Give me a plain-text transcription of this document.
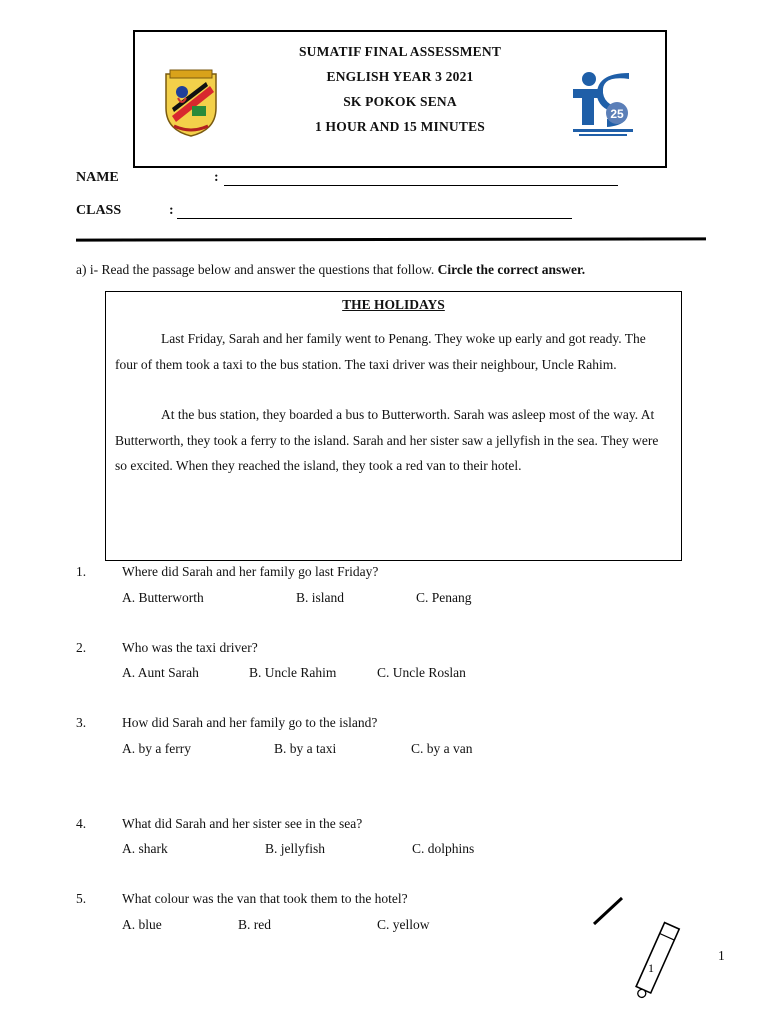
SUMATIF FINAL ASSESSMENT
ENGLISH YEAR 3 2021
SK POKOK SENA
1 HOUR AND 15 MINUTES
25
NAME	:
CLASS	:
a) i- Read the passage below and answer the questions that follow. Circle the correct answer.
THE HOLIDAYS

Last Friday, Sarah and her family went to Penang. They woke up early and got ready. The four of them took a taxi to the bus station. The taxi driver was their neighbour, Uncle Rahim.

At the bus station, they boarded a bus to Butterworth. Sarah was asleep most of the way. At Butterworth, they took a ferry to the island. Sarah and her sister saw a jellyfish in the sea. They were so excited. When they reached the island, they took a red van to their hotel.

1.	Where did Sarah and her family go last Friday?
A. Butterworth	B. island	C. Penang
2.	Who was the taxi driver?
A. Aunt Sarah	B. Uncle Rahim	C. Uncle Roslan
3.	How did Sarah and her family go to the island?
A. by a ferry	B. by a taxi	C. by a van
4.	What did Sarah and her sister see in the sea?
A. shark	B. jellyfish	C. dolphins
5.	What colour was the van that took them to the hotel?
A. blue	B. red	C. yellow
1
1
